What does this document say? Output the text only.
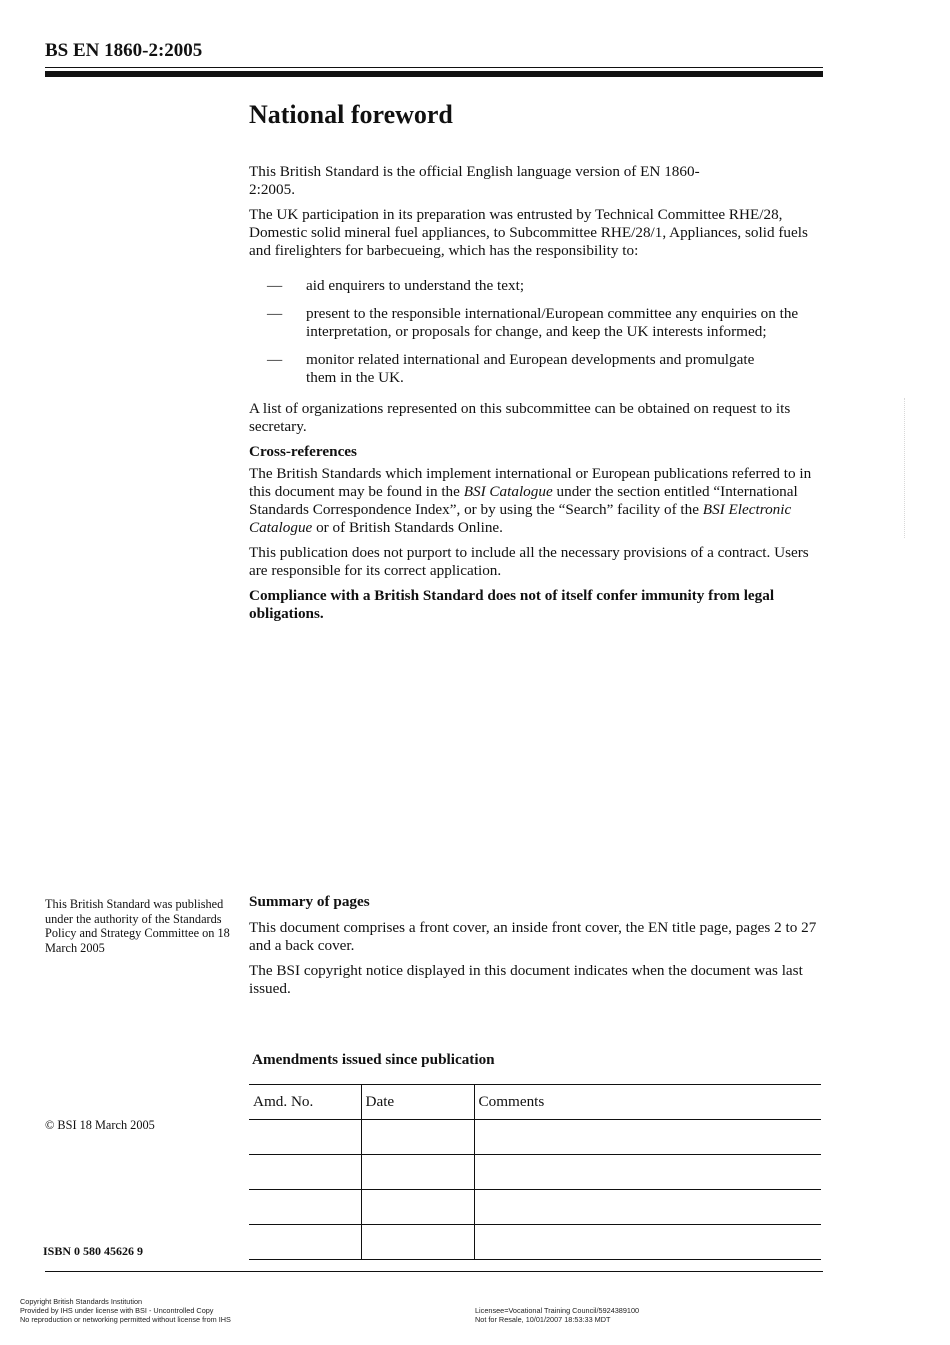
BS EN 1860-2:2005
National foreword

This British Standard is the official English language version of EN 1860-2:2005.

The UK participation in its preparation was entrusted by Technical Committee RHE/28, Domestic solid mineral fuel appliances, to Subcommittee RHE/28/1, Appliances, solid fuels and firelighters for barbecueing, which has the responsibility to:

—	aid enquirers to understand the text;
—	present to the responsible international/European committee any enquiries on the interpretation, or proposals for change, and keep the UK interests informed;
—	monitor related international and European developments and promulgate them in the UK.

A list of organizations represented on this subcommittee can be obtained on request to its secretary.

Cross-references

The British Standards which implement international or European publications referred to in this document may be found in the BSI Catalogue under the section entitled “International Standards Correspondence Index”, or by using the “Search” facility of the BSI Electronic Catalogue or of British Standards Online.

This publication does not purport to include all the necessary provisions of a contract. Users are responsible for its correct application.

Compliance with a British Standard does not of itself confer immunity from legal obligations.

This British Standard was published under the authority of the Standards Policy and Strategy Committee on 18 March 2005

Summary of pages

This document comprises a front cover, an inside front cover, the EN title page, pages 2 to 27 and a back cover.

The BSI copyright notice displayed in this document indicates when the document was last issued.

Amendments issued since publication
Amd. No.	Date	Comments

© BSI 18 March 2005
ISBN 0 580 45626 9
Copyright British Standards Institution
Provided by IHS under license with BSI - Uncontrolled Copy
No reproduction or networking permitted without license from IHS
Licensee=Vocational Training Council/5924389100
Not for Resale, 10/01/2007 18:53:33 MDT
